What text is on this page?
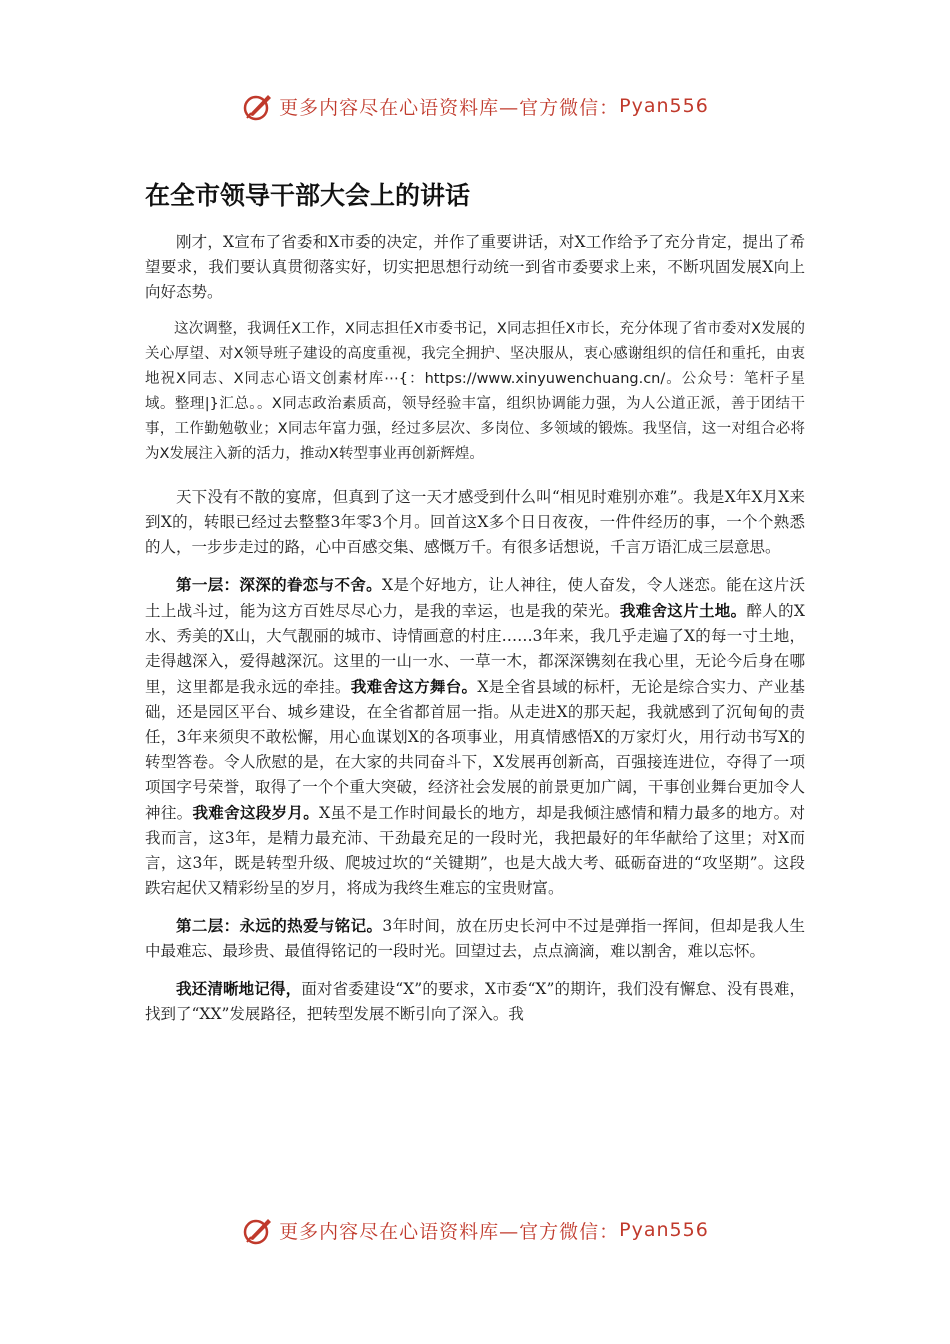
更多内容尽在心语资料库—官方微信： Pyan556
在全市领导干部大会上的讲话

刚才，X宣布了省委和X市委的决定，并作了重要讲话，对X工作给予了充分肯定，提出了希望要求，我们要认真贯彻落实好，切实把思想行动统一到省市委要求上来，不断巩固发展X向上向好态势。

这次调整，我调任X工作，X同志担任X市委书记，X同志担任X市长，充分体现了省市委对X发展的关心厚望、对X领导班子建设的高度重视，我完全拥护、坚决服从，衷心感谢组织的信任和重托，由衷地祝X同志、X同志心语文创素材库⋯{：https://www.xinyuwenchuang.cn/。公众号：笔杆子星域。整理|}汇总。。X同志政治素质高，领导经验丰富，组织协调能力强，为人公道正派，善于团结干事，工作勤勉敬业；X同志年富力强，经过多层次、多岗位、多领域的锻炼。我坚信，这一对组合必将为X发展注入新的活力，推动X转型事业再创新辉煌。

天下没有不散的宴席，但真到了这一天才感受到什么叫“相见时难别亦难”。我是X年X月X来到X的，转眼已经过去整整3年零3个月。回首这X多个日日夜夜，一件件经历的事，一个个熟悉的人，一步步走过的路，心中百感交集、感慨万千。有很多话想说，千言万语汇成三层意思。

第一层：深深的眷恋与不舍。X是个好地方，让人神往，使人奋发，令人迷恋。能在这片沃土上战斗过，能为这方百姓尽尽心力，是我的幸运，也是我的荣光。我难舍这片土地。醉人的X水、秀美的X山，大气靓丽的城市、诗情画意的村庄……3年来，我几乎走遍了X的每一寸土地，走得越深入，爱得越深沉。这里的一山一水、一草一木，都深深镌刻在我心里，无论今后身在哪里，这里都是我永远的牵挂。我难舍这方舞台。X是全省县域的标杆，无论是综合实力、产业基础，还是园区平台、城乡建设，在全省都首屈一指。从走进X的那天起，我就感到了沉甸甸的责任，3年来须臾不敢松懈，用心血谋划X的各项事业，用真情感悟X的万家灯火，用行动书写X的转型答卷。令人欣慰的是，在大家的共同奋斗下，X发展再创新高，百强接连进位，夺得了一项项国字号荣誉，取得了一个个重大突破，经济社会发展的前景更加广阔，干事创业舞台更加令人神往。我难舍这段岁月。X虽不是工作时间最长的地方，却是我倾注感情和精力最多的地方。对我而言，这3年，是精力最充沛、干劲最充足的一段时光，我把最好的年华献给了这里；对X而言，这3年，既是转型升级、爬坡过坎的“关键期”，也是大战大考、砥砺奋进的“攻坚期”。这段跌宕起伏又精彩纷呈的岁月，将成为我终生难忘的宝贵财富。

第二层：永远的热爱与铭记。3年时间，放在历史长河中不过是弹指一挥间，但却是我人生中最难忘、最珍贵、最值得铭记的一段时光。回望过去，点点滴滴，难以割舍，难以忘怀。

我还清晰地记得，面对省委建设“X”的要求，X市委“X”的期许，我们没有懈怠、没有畏难，找到了“XX”发展路径，把转型发展不断引向了深入。我

更多内容尽在心语资料库—官方微信： Pyan556
